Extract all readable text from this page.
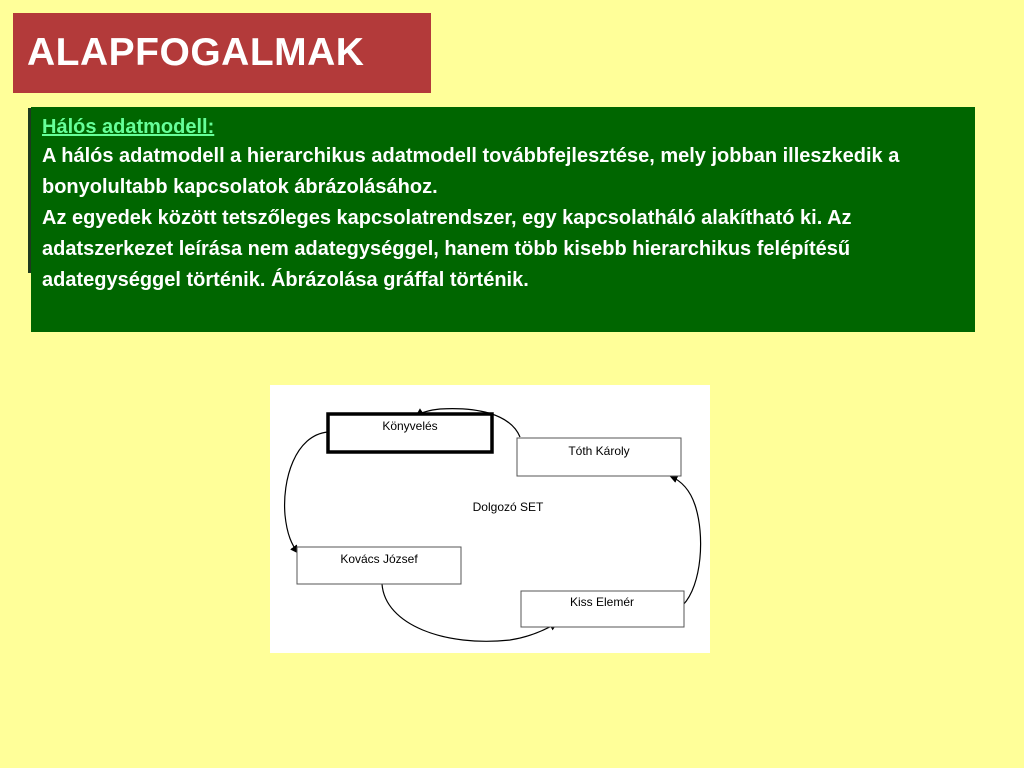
ALAPFOGALMAK
Hálós adatmodell:

A hálós adatmodell a hierarchikus adatmodell továbbfejlesztése, mely jobban illeszkedik a bonyolultabb kapcsolatok ábrázolásához.

Az egyedek között tetszőleges kapcsolatrendszer, egy kapcsolatháló alakítható ki. Az adatszerkezet leírása nem adategységgel, hanem több kisebb hierarchikus felépítésű adategységgel történik. Ábrázolása gráffal történik.

Könyvelés
Tóth Károly
Dolgozó SET
Kovács József
Kiss Elemér
